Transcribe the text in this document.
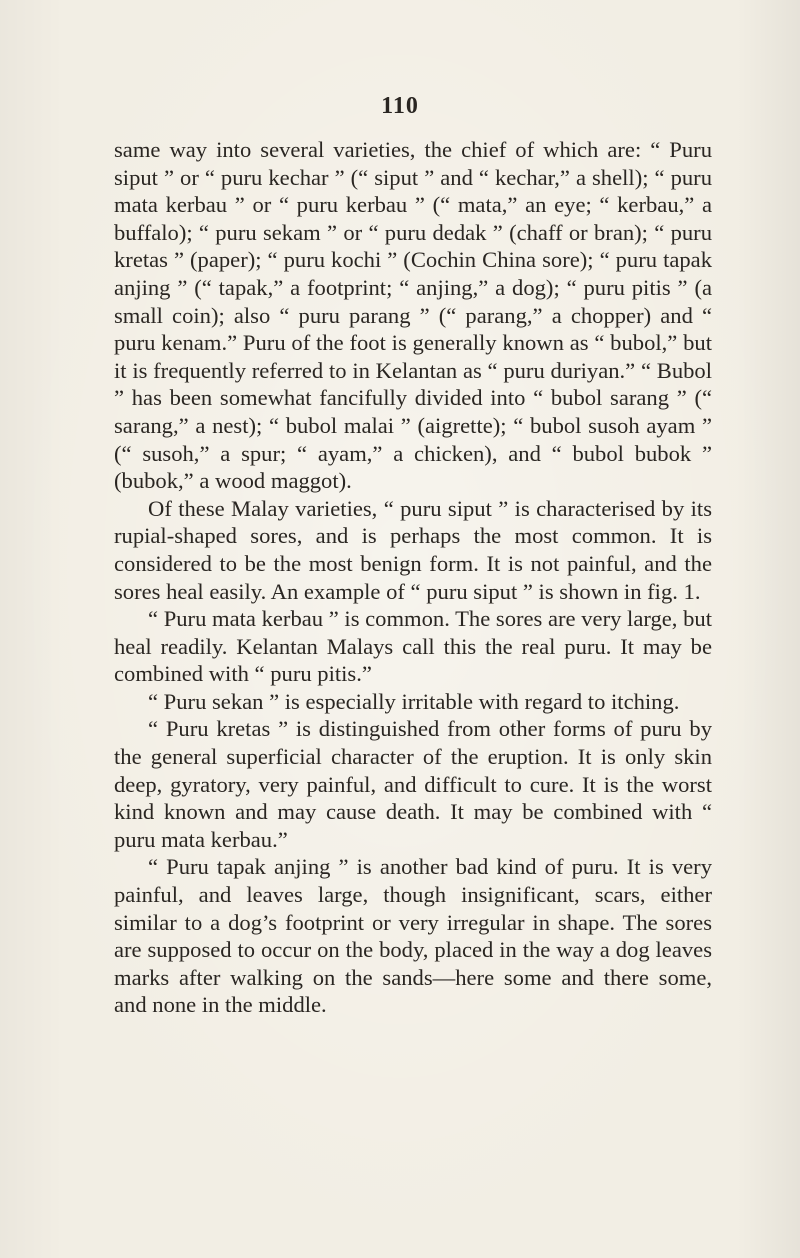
110

same way into several varieties, the chief of which are: “ Puru siput ” or “ puru kechar ” (“ siput ” and “ kechar,” a shell); “ puru mata kerbau ” or “ puru kerbau ” (“ mata,” an eye; “ kerbau,” a buffalo); “ puru sekam ” or “ puru dedak ” (chaff or bran); “ puru kretas ” (paper); “ puru kochi ” (Cochin China sore); “ puru tapak anjing ” (“ tapak,” a footprint; “ anjing,” a dog); “ puru pitis ” (a small coin); also “ puru parang ” (“ parang,” a chopper) and “ puru kenam.” Puru of the foot is generally known as “ bubol,” but it is frequently referred to in Kelantan as “ puru duriyan.” “ Bubol ” has been somewhat fancifully divided into “ bubol sarang ” (“ sarang,” a nest); “ bubol malai ” (aigrette); “ bubol susoh ayam ” (“ susoh,” a spur; “ ayam,” a chicken), and “ bubol bubok ” (bubok,” a wood maggot).

Of these Malay varieties, “ puru siput ” is characterised by its rupial-shaped sores, and is perhaps the most common. It is considered to be the most benign form. It is not painful, and the sores heal easily. An example of “ puru siput ” is shown in fig. 1.

“ Puru mata kerbau ” is common. The sores are very large, but heal readily. Kelantan Malays call this the real puru. It may be combined with “ puru pitis.”

“ Puru sekan ” is especially irritable with regard to itching.

“ Puru kretas ” is distinguished from other forms of puru by the general superficial character of the eruption. It is only skin deep, gyratory, very painful, and difficult to cure. It is the worst kind known and may cause death. It may be combined with “ puru mata kerbau.”

“ Puru tapak anjing ” is another bad kind of puru. It is very painful, and leaves large, though insignificant, scars, either similar to a dog’s footprint or very irregular in shape. The sores are supposed to occur on the body, placed in the way a dog leaves marks after walking on the sands—here some and there some, and none in the middle.
